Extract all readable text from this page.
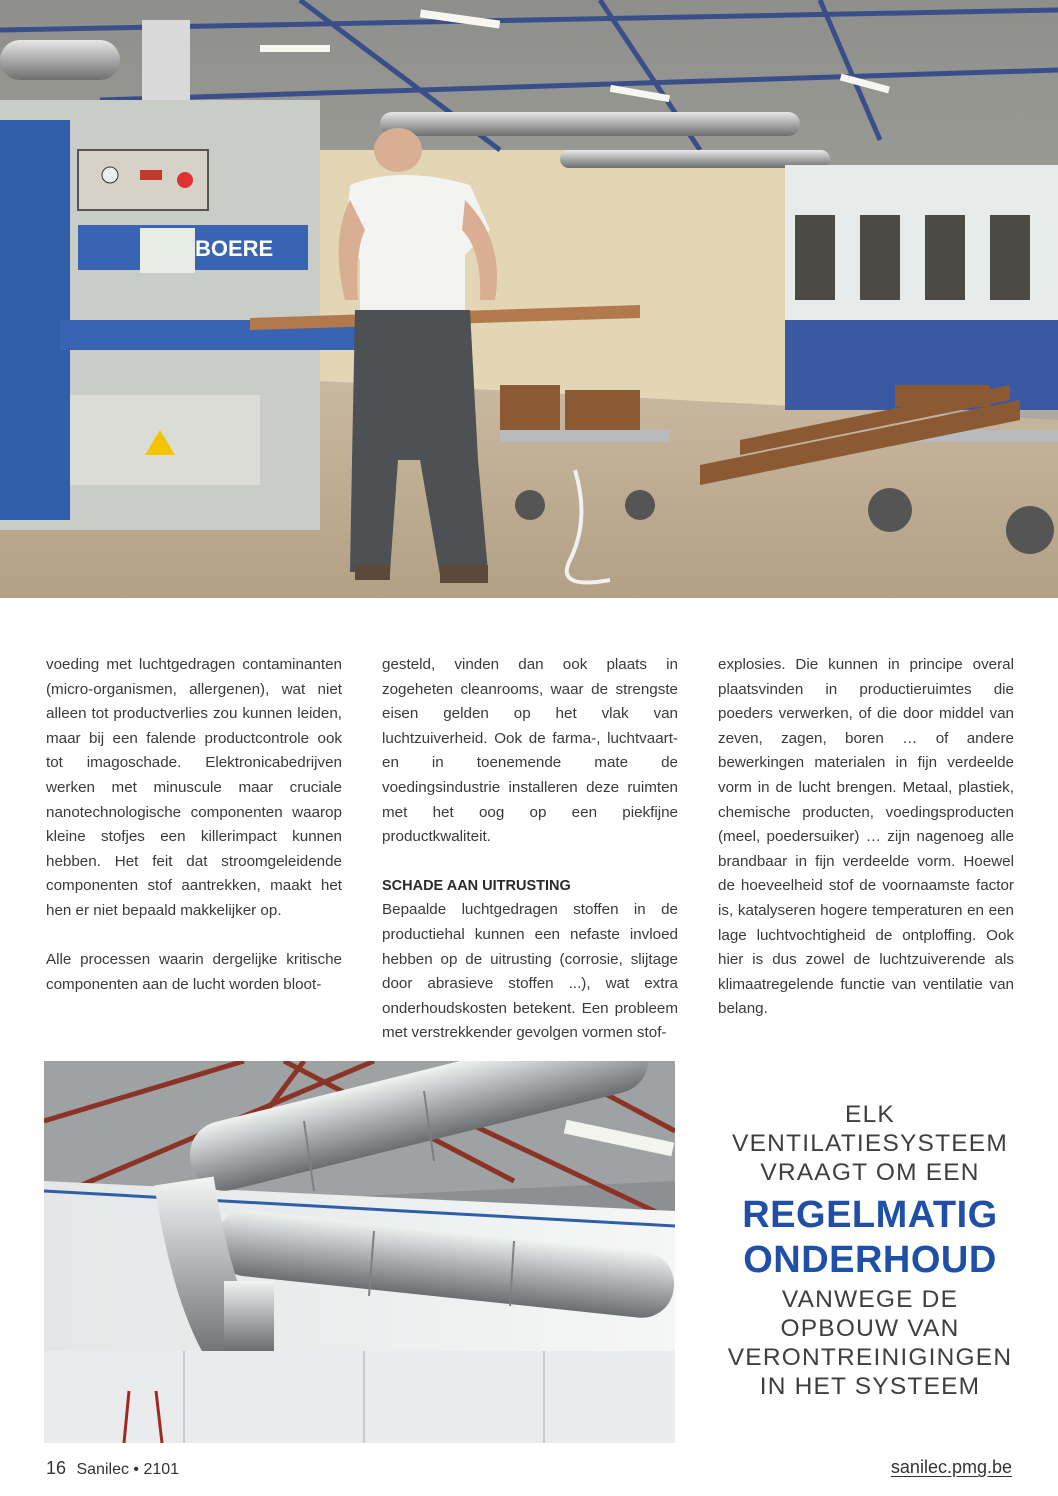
BOERE

voeding met luchtgedragen contaminanten (micro-organismen, allergenen), wat niet alleen tot productverlies zou kunnen leiden, maar bij een falende productcontrole ook tot imagoschade. Elektronicabedrijven werken met minuscule maar cruciale nanotechnologische componenten waarop kleine stofjes een killerimpact kunnen hebben. Het feit dat stroomgeleidende componenten stof aantrekken, maakt het hen er niet bepaald makkelijker op.

Alle processen waarin dergelijke kritische componenten aan de lucht worden bloot-

gesteld, vinden dan ook plaats in zogeheten cleanrooms, waar de strengste eisen gelden op het vlak van luchtzuiverheid. Ook de farma-, luchtvaart- en in toenemende mate de voedingsindustrie installeren deze ruimten met het oog op een piekfijne productkwaliteit.

SCHADE AAN UITRUSTING

Bepaalde luchtgedragen stoffen in de productiehal kunnen een nefaste invloed hebben op de uitrusting (corrosie, slijtage door abrasieve stoffen ...), wat extra onderhoudskosten betekent. Een probleem met verstrekkender gevolgen vormen stof-

explosies. Die kunnen in principe overal plaatsvinden in productieruimtes die poeders verwerken, of die door middel van zeven, zagen, boren … of andere bewerkingen materialen in fijn verdeelde vorm in de lucht brengen. Metaal, plastiek, chemische producten, voedingsproducten (meel, poedersuiker) … zijn nagenoeg alle brandbaar in fijn verdeelde vorm. Hoewel de hoeveelheid stof de voornaamste factor is, katalyseren hogere temperaturen en een lage luchtvochtigheid de ontploffing. Ook hier is dus zowel de luchtzuiverende als klimaatregelende functie van ventilatie van belang.

ELK VENTILATIESYSTEEM
VRAAGT OM EEN
REGELMATIG
ONDERHOUD
VANWEGE DE
OPBOUW VAN
VERONTREINIGINGEN
IN HET SYSTEEM
16 Sanilec • 2101	sanilec.pmg.be
